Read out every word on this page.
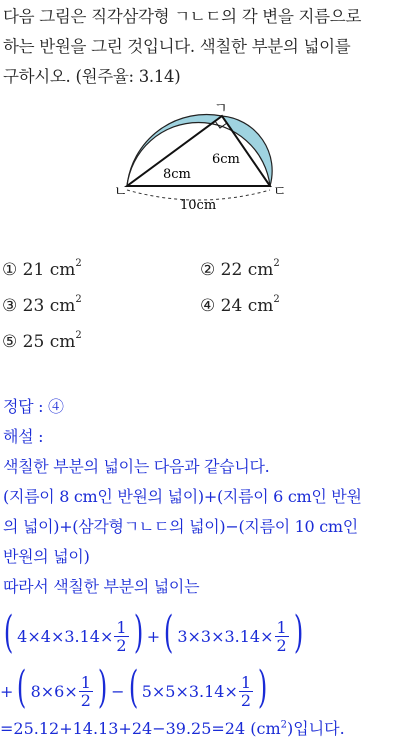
다음 그림은 직각삼각형 ㄱㄴㄷ의 각 변을 지름으로
하는 반원을 그린 것입니다. 색칠한 부분의 넓이를
구하시오. (원주율: 3.14)
ㄱ
ㄴ	ㄷ
8cm
6cm
10cm
① 21 $cm^2$	② 22 $cm^2$
③ 23 $cm^2$	④ 24 $cm^2$
⑤ 25 $cm^2$
정답 : ④
해설 :
색칠한 부분의 넓이는 다음과 같습니다.
(지름이 8 cm인 반원의 넓이)+(지름이 6 cm인 반원
의 넓이)+(삼각형ㄱㄴㄷ의 넓이)−(지름이 10 cm인
반원의 넓이)
따라서 색칠한 부분의 넓이는
( $4\times 4\times 3.14\times \frac{1}{2}$ ) +( $3\times 3\times 3.14\times \frac{1}{2}$ )
+( $8\times 6\times \frac{1}{2}$ ) −( $5\times 5\times 3.14\times \frac{1}{2}$ )
=25.12+14.13+24−39.25=24 $(cm^2)$입니다.
